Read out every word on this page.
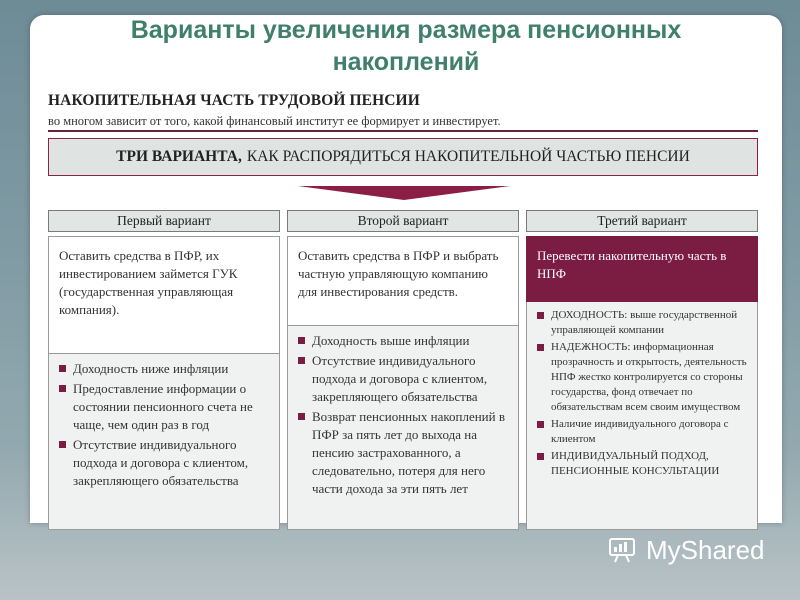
Варианты увеличения размера пенсионных
накоплений
НАКОПИТЕЛЬНАЯ ЧАСТЬ ТРУДОВОЙ ПЕНСИИ
во многом зависит от того, какой финансовый институт ее формирует и инвестирует.
ТРИ ВАРИАНТА, КАК РАСПОРЯДИТЬСЯ НАКОПИТЕЛЬНОЙ ЧАСТЬЮ ПЕНСИИ
Первый вариант
Оставить средства в ПФР, их инвестированием займется ГУК (государственная управляющая компания).
Доходность ниже инфляции
Предоставление информации о состоянии пенсионного счета не чаще, чем один раз в год
Отсутствие индивидуального подхода и договора с клиентом, закрепляющего обязательства
Второй вариант
Оставить средства в ПФР и выбрать частную управляющую компанию для инвестирования средств.
Доходность выше инфляции
Отсутствие индивидуального подхода и договора с клиентом, закрепляющего обязательства
Возврат пенсионных накоплений в ПФР за пять лет до выхода на пенсию застрахованного, а следовательно, потеря для него части дохода за эти пять лет
Третий вариант
Перевести накопительную часть в НПФ
ДОХОДНОСТЬ: выше государственной управляющей компании
НАДЕЖНОСТЬ: информационная прозрачность и открытость, деятельность НПФ жестко контролируется со стороны государства, фонд отвечает по обязательствам всем своим имуществом
Наличие индивидуального договора с клиентом
ИНДИВИДУАЛЬНЫЙ ПОДХОД, ПЕНСИОННЫЕ КОНСУЛЬТАЦИИ
MyShared
